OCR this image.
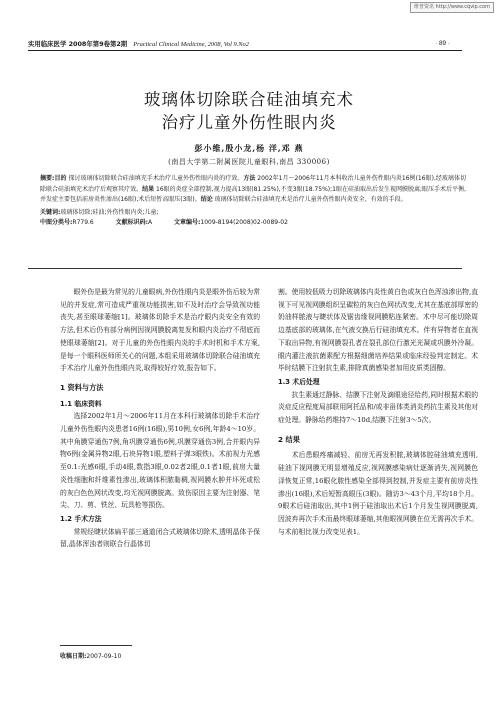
维普资讯 http://www.cqvip.com
实用临床医学 2008年第9卷第2期 Practical Clinical Medicine, 2008, Vol 9.No2	· 89 ·
玻璃体切除联合硅油填充术
治疗儿童外伤性眼内炎
彭小维,殷小龙,杨 洋,邓 燕
(南昌大学第二附属医院儿童眼科,南昌 330006)
摘要:目的 探讨玻璃体切除联合硅油填充手术治疗儿童外伤性眼内炎的疗效。方法 2002年1月～2006年11月本科收治儿童外伤性眼内炎16例(16眼),经玻璃体切除联合硅油填充术治疗后观察其疗效。结果 16眼的炎症全部控制,视力提高13眼(81.25%),不变3眼(18.75%);1眼在硅油取出后发生视网膜脱离;眼压手术后平衡,并发症主要包括前房炎性渗出(16眼),术后短暂高眼压(3眼)。结论 玻璃体切除联合硅油填充术是治疗儿童外伤性眼内炎安全、有效的手段。
关键词:玻璃体切除;硅油;外伤性眼内炎;儿童;
中图分类号:R779.6	文献标识码:A	文章编号:1009-8194(2008)02-0089-02

眼外伤是最为常见的儿童眼病,外伤性眼内炎是眼外伤后较为常见的并发症,常可造成严重视功能损害,如不及时治疗会导致视功能丧失,甚至眼球萎缩[1]。玻璃体切除手术是治疗眼内炎安全有效的方法,但术后仍有部分病例因视网膜脱离复发和眼内炎治疗不彻底而使眼球萎缩[2]。对于儿童的外伤性眼内炎的手术时机和手术方案,是每一个眼科医师所关心的问题,本组采用玻璃体切除联合硅油填充手术治疗儿童外伤性眼内炎,取得较好疗效,报告如下。

1 资料与方法
1.1 临床资料

选择2002年1月～2006年11月在本科行玻璃体切除手术治疗儿童外伤性眼内炎患者16例(16眼),男10例,女6例,年龄4～10岁。其中角膜穿通伤7例,角巩膜穿通伤6例,巩膜穿通伤3例,合并眼内异物6例(金属异物2眼,石块异物1眼,塑料子弹3眼铁)。术前视力光感至0.1:光感6眼,手动4眼,数指3眼,0.02者2眼,0.1者1眼,前房大量炎性细胞和纤维素性渗出,玻璃体积脓黏稠,视网膜水肿并坏死或松的灰白色色网状改变,均无视网膜脱离。致伤原因主要为注射器、笔尖、刀、剪、铁丝、玩具枪等损伤。

1.2 手术方法

常规经睫状体扁平部三通道闭合式玻璃体切除术,透明晶体予保留,晶体浑浊者则联合行晶体切

割。使用较低吸力切除玻璃体内炎性黄白色或灰白色浑浊渗出物,直视下可见视网膜组织呈碳粒的灰白色网状改变,尤其在基底部厚密的奶油样脓液与睫状体及锯齿缘视网膜粘连紧密。术中尽可能切除周边基底部的玻璃体,在气液交换后行硅油填充术。伴有异物者在直视下取出异物,有视网膜裂孔者在裂孔部位行激光光凝或巩膜外冷凝。眼内灌注液抗菌素配方根据细菌培养结果或临床经验判定制定。术毕时结膜下注射抗生素,排除真菌感染者加用皮质类固醇。

1.3 术后处理

抗生素通过静脉、结膜下注射及滴眼途径给药,同时根据术眼的炎症反应程度局部联用阿托品和/或非甾体类消炎药抗生素及其他对症处理。静脉给药维持7～10d,结膜下注射3～5次。

2 结果

术后患眼疼痛减轻、前房无再发积脓,玻璃体腔硅油填充透明,硅油下视网膜无明显增殖反应,视网膜感染病灶逐渐消失,视网膜色泽恢复正常,16眼化脓性感染全部得到控制,并发症主要有前房炎性渗出(16眼),术后短暂高眼压(3眼)。随访3～43个月,平均18个月。9眼术后硅油取出,其中1例于硅油取出术后1个月发生视网膜脱离,因波弃再次手术而最终眼球萎缩,其他眼视网膜在位无需再次手术。与术前相比视力改变见表1。

收稿日期:2007-09-10
